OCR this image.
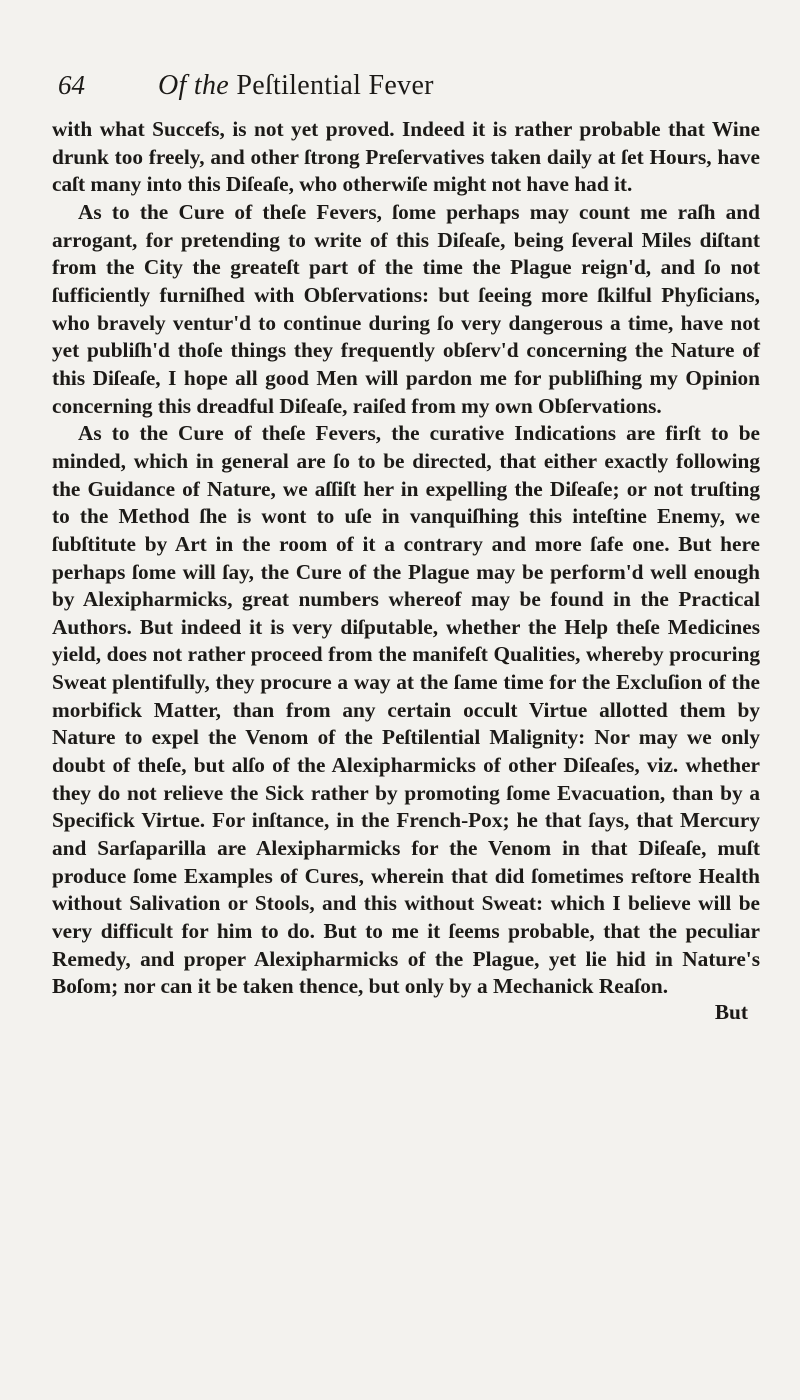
64	Of the Peſtilential Fever

with what Succefs, is not yet proved. Indeed it is rather probable that Wine drunk too freely, and other ſtrong Preſervatives taken daily at ſet Hours, have caſt many into this Diſeaſe, who otherwiſe might not have had it.

As to the Cure of theſe Fevers, ſome perhaps may count me raſh and arrogant, for pretending to write of this Diſeaſe, being ſeveral Miles diſtant from the City the greateſt part of the time the Plague reign'd, and ſo not ſufficiently furniſhed with Obſervations: but ſeeing more ſkilful Phyſicians, who bravely ventur'd to continue during ſo very dangerous a time, have not yet publiſh'd thoſe things they frequently obſerv'd concerning the Nature of this Diſeaſe, I hope all good Men will pardon me for publiſhing my Opinion concerning this dreadful Diſeaſe, raiſed from my own Obſervations.

As to the Cure of theſe Fevers, the curative Indications are firſt to be minded, which in general are ſo to be directed, that either exactly following the Guidance of Nature, we aſſiſt her in expelling the Diſeaſe; or not truſting to the Method ſhe is wont to uſe in vanquiſhing this inteſtine Enemy, we ſubſtitute by Art in the room of it a contrary and more ſafe one. But here perhaps ſome will ſay, the Cure of the Plague may be perform'd well enough by Alexipharmicks, great numbers whereof may be found in the Practical Authors. But indeed it is very diſputable, whether the Help theſe Medicines yield, does not rather proceed from the manifeſt Qualities, whereby procuring Sweat plentifully, they procure a way at the ſame time for the Excluſion of the morbifick Matter, than from any certain occult Virtue allotted them by Nature to expel the Venom of the Peſtilential Malignity: Nor may we only doubt of theſe, but alſo of the Alexipharmicks of other Diſeaſes, viz. whether they do not relieve the Sick rather by promoting ſome Evacuation, than by a Specifick Virtue. For inſtance, in the French-Pox; he that ſays, that Mercury and Sarſaparilla are Alexipharmicks for the Venom in that Diſeaſe, muſt produce ſome Examples of Cures, wherein that did ſometimes reſtore Health without Salivation or Stools, and this without Sweat: which I believe will be very difficult for him to do. But to me it ſeems probable, that the peculiar Remedy, and proper Alexipharmicks of the Plague, yet lie hid in Nature's Boſom; nor can it be taken thence, but only by a Mechanick Reaſon.

But
